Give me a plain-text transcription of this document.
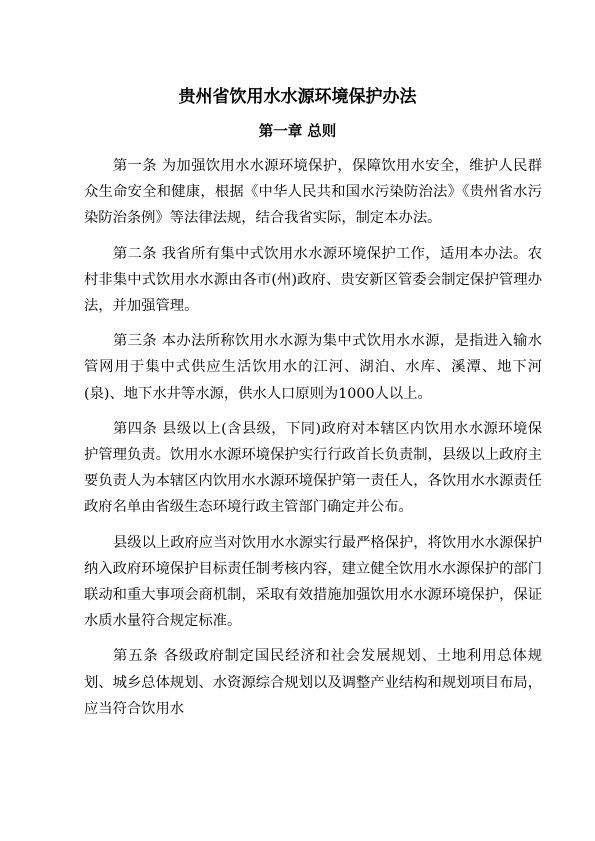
贵州省饮用水水源环境保护办法
第一章 总则

第一条 为加强饮用水水源环境保护，保障饮用水安全，维护人民群众生命安全和健康，根据《中华人民共和国水污染防治法》《贵州省水污染防治条例》等法律法规，结合我省实际，制定本办法。

第二条 我省所有集中式饮用水水源环境保护工作，适用本办法。农村非集中式饮用水水源由各市(州)政府、贵安新区管委会制定保护管理办法，并加强管理。

第三条 本办法所称饮用水水源为集中式饮用水水源，是指进入输水管网用于集中式供应生活饮用水的江河、湖泊、水库、溪潭、地下河(泉)、地下水井等水源，供水人口原则为1000人以上。

第四条 县级以上(含县级，下同)政府对本辖区内饮用水水源环境保护管理负责。饮用水水源环境保护实行行政首长负责制，县级以上政府主要负责人为本辖区内饮用水水源环境保护第一责任人，各饮用水水源责任政府名单由省级生态环境行政主管部门确定并公布。

县级以上政府应当对饮用水水源实行最严格保护，将饮用水水源保护纳入政府环境保护目标责任制考核内容，建立健全饮用水水源保护的部门联动和重大事项会商机制，采取有效措施加强饮用水水源环境保护，保证水质水量符合规定标准。

第五条 各级政府制定国民经济和社会发展规划、土地利用总体规划、城乡总体规划、水资源综合规划以及调整产业结构和规划项目布局，应当符合饮用水
